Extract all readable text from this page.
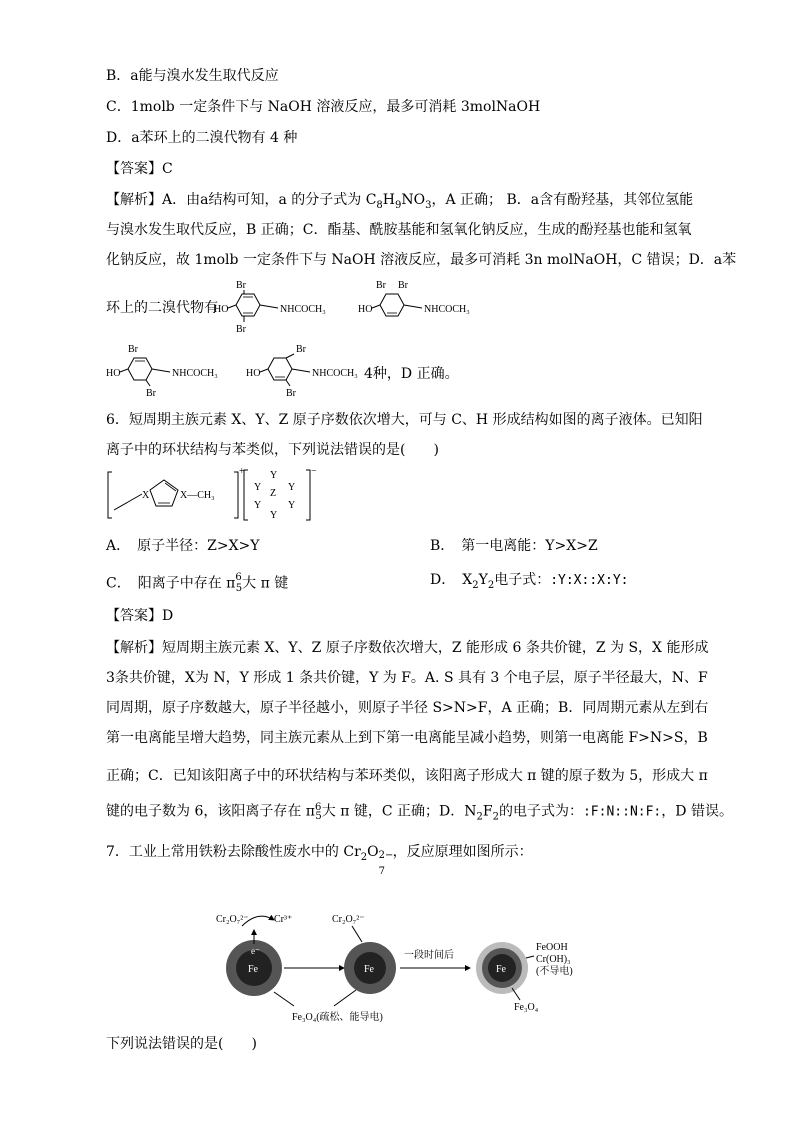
B．a能与溴水发生取代反应
C．1molb 一定条件下与 NaOH 溶液反应，最多可消耗 3molNaOH
D．a苯环上的二溴代物有 4 种
【答案】C
【解析】A．由a结构可知，a 的分子式为 $C_8H_9NO_3$，A 正确； B．a含有酚羟基，其邻位氢能
与溴水发生取代反应，B 正确；C．酯基、酰胺基能和氢氧化钠反应，生成的酚羟基也能和氢氧
化钠反应，故 1molb 一定条件下与 NaOH 溶液反应，最多可消耗 3n molNaOH，C 错误；D．a苯
环上的二溴代物有
Br
HO	NHCOCH₃
Br
Br Br
HO	NHCOCH₃
Br
HO	NHCOCH₃
Br
Br
HO	NHCOCH₃
Br
4种，D 正确。
6．短周期主族元素 X、Y、Z 原子序数依次增大，可与 C、H 形成结构如图的离子液体。已知阳
离子中的环状结构与苯类似，下列说法错误的是(　　)
+
X	X—CH₃
−
Y
Y	Y
Z
Y	Y
Y
A．　原子半径：Z>X>Y	B．　第一电离能：Y>X>Z
C．　阳离子中存在 $\pi^6_5$大 π 键	D．　$X_2Y_2$电子式：:Y:X::X:Y:
【答案】D
【解析】短周期主族元素 X、Y、Z 原子序数依次增大，Z 能形成 6 条共价键，Z 为 S，X 能形成
3条共价键，X为 N，Y 形成 1 条共价键，Y 为 F。A. S 具有 3 个电子层，原子半径最大，N、F
同周期，原子序数越大，原子半径越小，则原子半径 S>N>F，A 正确；B．同周期元素从左到右
第一电离能呈增大趋势，同主族元素从上到下第一电离能呈减小趋势，则第一电离能 F>N>S，B
正确；C．已知该阳离子中的环状结构与苯环类似，该阳离子形成大 π 键的原子数为 5，形成大 π
键的电子数为 6，该阳离子存在 $\pi^6_5$大 π 键，C 正确；D．$N_2F_2$的电子式为：:F:N::N:F:，D 错误。
7．工业上常用铁粉去除酸性废水中的 $Cr_2O$ 2−
7
，反应原理如图所示：
Cr₂O₇²⁻	Cr³⁺
Fe
e⁻
Cr₂O₇²⁻
Fe
Fe₃O₄(疏松、能导电)
一段时间后
Fe
FeOOH
Cr(OH)₃
(不导电)
Fe₃O₄
下列说法错误的是(　　)
